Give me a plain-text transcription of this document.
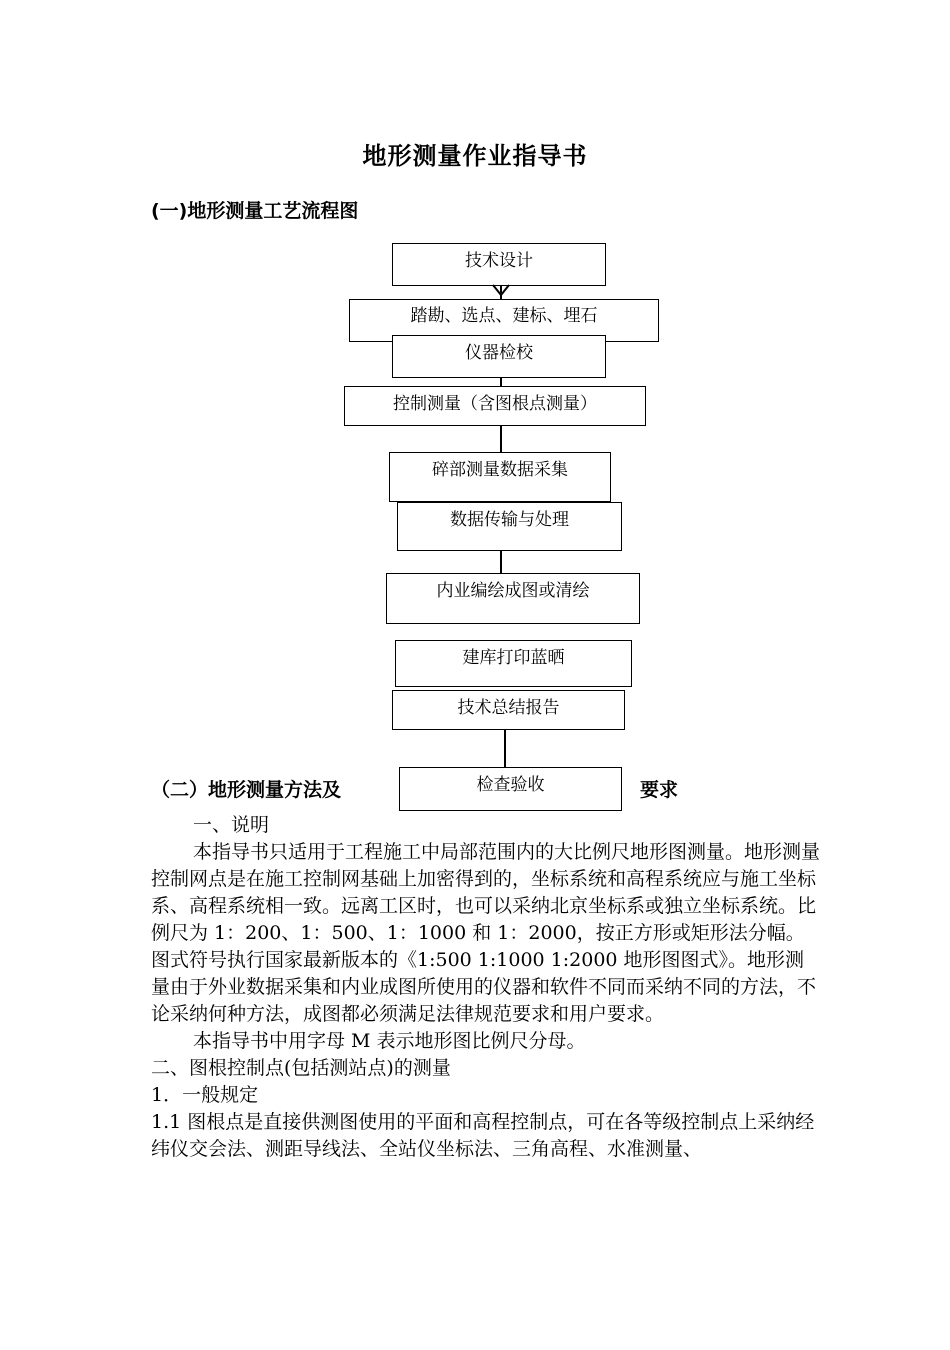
地形测量作业指导书
(一)地形测量工艺流程图
技术设计
踏勘、选点、建标、埋石
仪器检校
控制测量（含图根点测量）
碎部测量数据采集
数据传输与处理
内业编绘成图或清绘
建库打印蓝晒
技术总结报告
检查验收
（二）地形测量方法及	要求

一、说明

本指导书只适用于工程施工中局部范围内的大比例尺地形图测量。地形测量控制网点是在施工控制网基础上加密得到的，坐标系统和高程系统应与施工坐标系、高程系统相一致。远离工区时，也可以采纳北京坐标系或独立坐标系统。比例尺为 1：200、1：500、1：1000 和 1：2000，按正方形或矩形法分幅。图式符号执行国家最新版本的《1:500 1:1000 1:2000 地形图图式》。地形测量由于外业数据采集和内业成图所使用的仪器和软件不同而采纳不同的方法，不论采纳何种方法，成图都必须满足法律规范要求和用户要求。

本指导书中用字母 M 表示地形图比例尺分母。

二、图根控制点(包括测站点)的测量

1．一般规定

1.1 图根点是直接供测图使用的平面和高程控制点，可在各等级控制点上采纳经纬仪交会法、测距导线法、全站仪坐标法、三角高程、水准测量、
